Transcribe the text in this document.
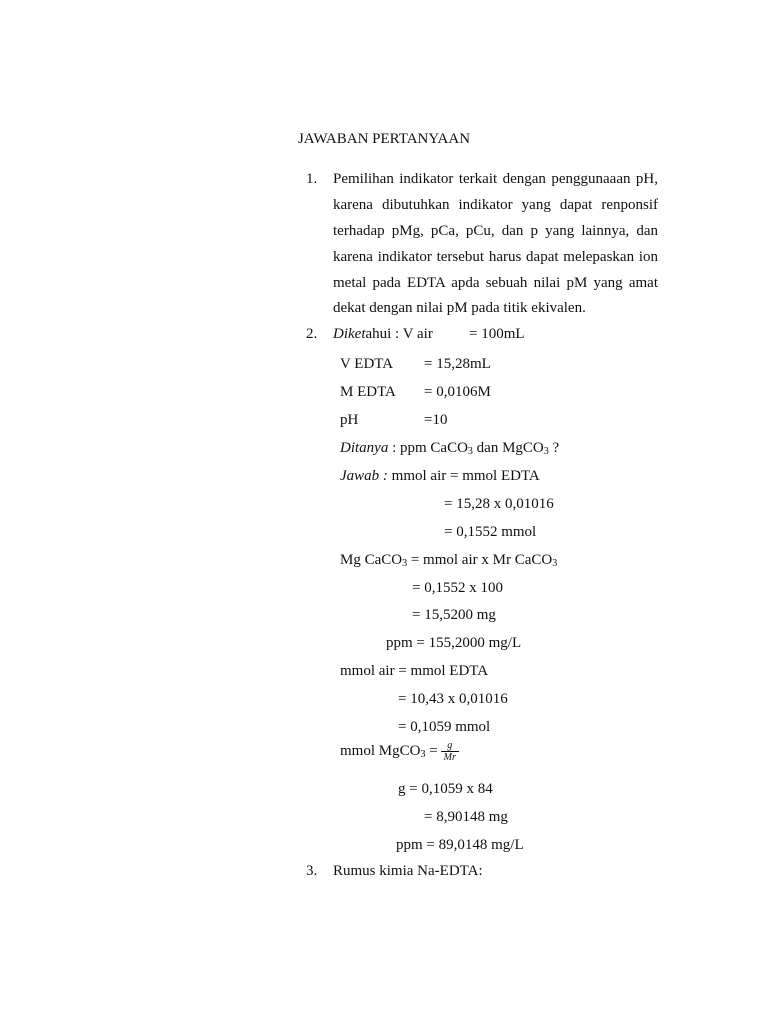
JAWABAN PERTANYAAN
1. Pemilihan indikator terkait dengan penggunaaan pH,
karena dibutuhkan indikator yang dapat renponsif
terhadap pMg, pCa, pCu, dan p yang lainnya, dan
karena indikator tersebut harus dapat melepaskan ion
metal pada EDTA apda sebuah nilai pM yang amat
dekat dengan nilai pM pada titik ekivalen.
2. Diketahui : V air = 100mL
V EDTA = 15,28mL
M EDTA = 0,0106M
pH	=10
Ditanya : ppm CaCO$_3$ dan MgCO$_3$ ?
Jawab : mmol air = mmol EDTA
= 15,28 x 0,01016
= 0,1552 mmol
Mg CaCO$_3$ = mmol air x Mr CaCO$_3$
= 0,1552 x 100
= 15,5200 mg
ppm = 155,2000 mg/L
mmol air = mmol EDTA
= 10,43 x 0,01016
= 0,1059 mmol
mmol MgCO$_3$ = $\frac{g}{Mr}$
g = 0,1059 x 84
= 8,90148 mg
ppm = 89,0148 mg/L
3. Rumus kimia Na-EDTA:
